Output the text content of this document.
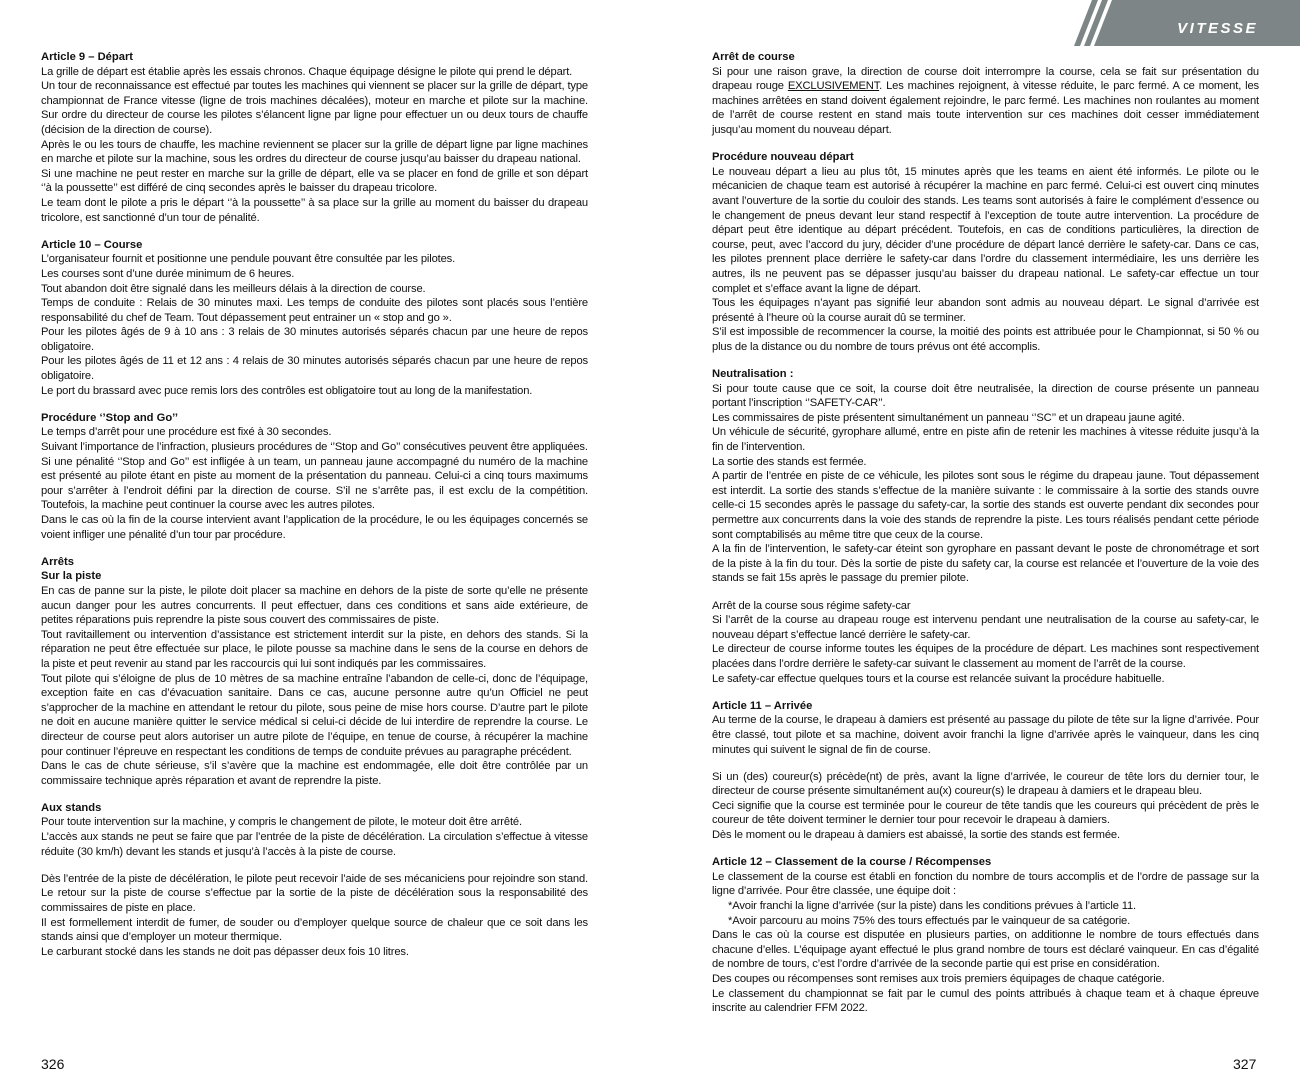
VITESSE

Article 9 – Départ

La grille de départ est établie après les essais chronos. Chaque équipage désigne le pilote qui prend le départ.

Un tour de reconnaissance est effectué par toutes les machines qui viennent se placer sur la grille de départ, type championnat de France vitesse (ligne de trois machines décalées), moteur en marche et pilote sur la machine. Sur ordre du directeur de course les pilotes s’élancent ligne par ligne pour effectuer un ou deux tours de chauffe (décision de la direction de course).

Après le ou les tours de chauffe, les machine reviennent se placer sur la grille de départ ligne par ligne machines en marche et pilote sur la machine, sous les ordres du directeur de course jusqu’au baisser du drapeau national.

Si une machine ne peut rester en marche sur la grille de départ, elle va se placer en fond de grille et son départ ‘’à la poussette’’ est différé de cinq secondes après le baisser du drapeau tricolore.

Le team dont le pilote a pris le départ ‘’à la poussette’’ à sa place sur la grille au moment du baisser du drapeau tricolore, est sanctionné d’un tour de pénalité.

Article 10 – Course

L’organisateur fournit et positionne une pendule pouvant être consultée par les pilotes.

Les courses sont d’une durée minimum de 6 heures.

Tout abandon doit être signalé dans les meilleurs délais à la direction de course.

Temps de conduite : Relais de 30 minutes maxi. Les temps de conduite des pilotes sont placés sous l’entière responsabilité du chef de Team. Tout dépassement peut entrainer un « stop and go ».

Pour les pilotes âgés de 9 à 10 ans : 3 relais de 30 minutes autorisés séparés chacun par une heure de repos obligatoire.

Pour les pilotes âgés de 11 et 12 ans : 4 relais de 30 minutes autorisés séparés chacun par une heure de repos obligatoire.

Le port du brassard avec puce remis lors des contrôles est obligatoire tout au long de la manifestation.

Procédure ‘’Stop and Go’’

Le temps d’arrêt pour une procédure est fixé à 30 secondes.

Suivant l’importance de l’infraction, plusieurs procédures de ‘’Stop and Go’’ consécutives peuvent être appliquées.

Si une pénalité ‘’Stop and Go’’ est infligée à un team, un panneau jaune accompagné du numéro de la machine est présenté au pilote étant en piste au moment de la présentation du panneau. Celui-ci a cinq tours maximums pour s’arrêter à l’endroit défini par la direction de course. S’il ne s’arrête pas, il est exclu de la compétition. Toutefois, la machine peut continuer la course avec les autres pilotes.

Dans le cas où la fin de la course intervient avant l’application de la procédure, le ou les équipages concernés se voient infliger une pénalité d’un tour par procédure.

Arrêts

Sur la piste

En cas de panne sur la piste, le pilote doit placer sa machine en dehors de la piste de sorte qu’elle ne présente aucun danger pour les autres concurrents. Il peut effectuer, dans ces conditions et sans aide extérieure, de petites réparations puis reprendre la piste sous couvert des commissaires de piste.

Tout ravitaillement ou intervention d’assistance est strictement interdit sur la piste, en dehors des stands. Si la réparation ne peut être effectuée sur place, le pilote pousse sa machine dans le sens de la course en dehors de la piste et peut revenir au stand par les raccourcis qui lui sont indiqués par les commissaires.

Tout pilote qui s’éloigne de plus de 10 mètres de sa machine entraîne l’abandon de celle-ci, donc de l’équipage, exception faite en cas d’évacuation sanitaire. Dans ce cas, aucune personne autre qu’un Officiel ne peut s’approcher de la machine en attendant le retour du pilote, sous peine de mise hors course. D’autre part le pilote ne doit en aucune manière quitter le service médical si celui-ci décide de lui interdire de reprendre la course. Le directeur de course peut alors autoriser un autre pilote de l’équipe, en tenue de course, à récupérer la machine pour continuer l’épreuve en respectant les conditions de temps de conduite prévues au paragraphe précédent.

Dans le cas de chute sérieuse, s’il s’avère que la machine est endommagée, elle doit être contrôlée par un commissaire technique après réparation et avant de reprendre la piste.

Aux stands

Pour toute intervention sur la machine, y compris le changement de pilote, le moteur doit être arrêté.

L’accès aux stands ne peut se faire que par l’entrée de la piste de décélération. La circulation s’effectue à vitesse réduite (30 km/h) devant les stands et jusqu’à l’accès à la piste de course.

Dès l’entrée de la piste de décélération, le pilote peut recevoir l’aide de ses mécaniciens pour rejoindre son stand. Le retour sur la piste de course s’effectue par la sortie de la piste de décélération sous la responsabilité des commissaires de piste en place.

Il est formellement interdit de fumer, de souder ou d’employer quelque source de chaleur que ce soit dans les stands ainsi que d’employer un moteur thermique.

Le carburant stocké dans les stands ne doit pas dépasser deux fois 10 litres.

326

Arrêt de course

Si pour une raison grave, la direction de course doit interrompre la course, cela se fait sur présentation du drapeau rouge EXCLUSIVEMENT. Les machines rejoignent, à vitesse réduite, le parc fermé. A ce moment, les machines arrêtées en stand doivent également rejoindre, le parc fermé. Les machines non roulantes au moment de l’arrêt de course restent en stand mais toute intervention sur ces machines doit cesser immédiatement jusqu’au moment du nouveau départ.

Procédure nouveau départ

Le nouveau départ a lieu au plus tôt, 15 minutes après que les teams en aient été informés. Le pilote ou le mécanicien de chaque team est autorisé à récupérer la machine en parc fermé. Celui-ci est ouvert cinq minutes avant l’ouverture de la sortie du couloir des stands. Les teams sont autorisés à faire le complément d’essence ou le changement de pneus devant leur stand respectif à l’exception de toute autre intervention. La procédure de départ peut être identique au départ précédent. Toutefois, en cas de conditions particulières, la direction de course, peut, avec l’accord du jury, décider d’une procédure de départ lancé derrière le safety-car. Dans ce cas, les pilotes prennent place derrière le safety-car dans l’ordre du classement intermédiaire, les uns derrière les autres, ils ne peuvent pas se dépasser jusqu’au baisser du drapeau national. Le safety-car effectue un tour complet et s’efface avant la ligne de départ.

Tous les équipages n’ayant pas signifié leur abandon sont admis au nouveau départ. Le signal d’arrivée est présenté à l’heure où la course aurait dû se terminer.

S’il est impossible de recommencer la course, la moitié des points est attribuée pour le Championnat, si 50 % ou plus de la distance ou du nombre de tours prévus ont été accomplis.

Neutralisation :

Si pour toute cause que ce soit, la course doit être neutralisée, la direction de course présente un panneau portant l’inscription ‘’SAFETY-CAR’’.

Les commissaires de piste présentent simultanément un panneau ‘’SC’’ et un drapeau jaune agité.

Un véhicule de sécurité, gyrophare allumé, entre en piste afin de retenir les machines à vitesse réduite jusqu’à la fin de l’intervention.

La sortie des stands est fermée.

A partir de l’entrée en piste de ce véhicule, les pilotes sont sous le régime du drapeau jaune. Tout dépassement est interdit. La sortie des stands s’effectue de la manière suivante : le commissaire à la sortie des stands ouvre celle-ci 15 secondes après le passage du safety-car, la sortie des stands est ouverte pendant dix secondes pour permettre aux concurrents dans la voie des stands de reprendre la piste. Les tours réalisés pendant cette période sont comptabilisés au même titre que ceux de la course.

A la fin de l’intervention, le safety-car éteint son gyrophare en passant devant le poste de chronométrage et sort de la piste à la fin du tour. Dès la sortie de piste du safety car, la course est relancée et l’ouverture de la voie des stands se fait 15s après le passage du premier pilote.

Arrêt de la course sous régime safety-car

Si l’arrêt de la course au drapeau rouge est intervenu pendant une neutralisation de la course au safety-car, le nouveau départ s’effectue lancé derrière le safety-car.

Le directeur de course informe toutes les équipes de la procédure de départ. Les machines sont respectivement placées dans l’ordre derrière le safety-car suivant le classement au moment de l’arrêt de la course.

Le safety-car effectue quelques tours et la course est relancée suivant la procédure habituelle.

Article 11 – Arrivée

Au terme de la course, le drapeau à damiers est présenté au passage du pilote de tête sur la ligne d’arrivée. Pour être classé, tout pilote et sa machine, doivent avoir franchi la ligne d’arrivée après le vainqueur, dans les cinq minutes qui suivent le signal de fin de course.

Si un (des) coureur(s) précède(nt) de près, avant la ligne d’arrivée, le coureur de tête lors du dernier tour, le directeur de course présente simultanément au(x) coureur(s) le drapeau à damiers et le drapeau bleu.

Ceci signifie que la course est terminée pour le coureur de tête tandis que les coureurs qui précèdent de près le coureur de tête doivent terminer le dernier tour pour recevoir le drapeau à damiers.

Dès le moment ou le drapeau à damiers est abaissé, la sortie des stands est fermée.

Article 12 – Classement de la course / Récompenses

Le classement de la course est établi en fonction du nombre de tours accomplis et de l’ordre de passage sur la ligne d’arrivée. Pour être classée, une équipe doit :

*Avoir franchi la ligne d’arrivée (sur la piste) dans les conditions prévues à l’article 11.

*Avoir parcouru au moins 75% des tours effectués par le vainqueur de sa catégorie.

Dans le cas où la course est disputée en plusieurs parties, on additionne le nombre de tours effectués dans chacune d’elles. L’équipage ayant effectué le plus grand nombre de tours est déclaré vainqueur. En cas d’égalité de nombre de tours, c’est l’ordre d’arrivée de la seconde partie qui est prise en considération.

Des coupes ou récompenses sont remises aux trois premiers équipages de chaque catégorie.

Le classement du championnat se fait par le cumul des points attribués à chaque team et à chaque épreuve inscrite au calendrier FFM 2022.

327
